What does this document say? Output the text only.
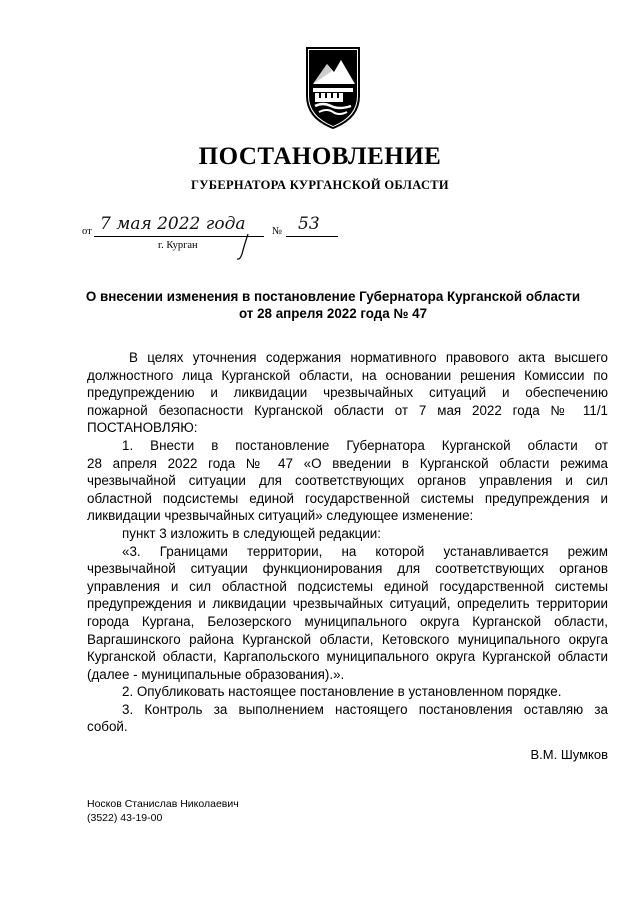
ПОСТАНОВЛЕНИЕ
ГУБЕРНАТОРА КУРГАНСКОЙ ОБЛАСТИ
от 7 мая 2022 года	№ 53
г. Курган
О внесении изменения в постановление Губернатора Курганской области
от 28 апреля 2022 года № 47
В целях уточнения содержания нормативного правового акта высшего
должностного лица Курганской области, на основании решения Комиссии по
предупреждению и ликвидации чрезвычайных ситуаций и обеспечению
пожарной безопасности Курганской области от 7 мая 2022 года № 11/1
ПОСТАНОВЛЯЮ:
1. Внести в постановление Губернатора Курганской области от
28 апреля 2022 года № 47 «О введении в Курганской области режима
чрезвычайной ситуации для соответствующих органов управления и сил
областной подсистемы единой государственной системы предупреждения и
ликвидации чрезвычайных ситуаций» следующее изменение:
пункт 3 изложить в следующей редакции:
«3. Границами территории, на которой устанавливается режим
чрезвычайной ситуации функционирования для соответствующих органов
управления и сил областной подсистемы единой государственной системы
предупреждения и ликвидации чрезвычайных ситуаций, определить территории
города Кургана, Белозерского муниципального округа Курганской области,
Варгашинского района Курганской области, Кетовского муниципального округа
Курганской области, Каргапольского муниципального округа Курганской области
(далее - муниципальные образования).».
2. Опубликовать настоящее постановление в установленном порядке.
3. Контроль за выполнением настоящего постановления оставляю за
собой.
В.М. Шумков
Носков Станислав Николаевич
(3522) 43-19-00
